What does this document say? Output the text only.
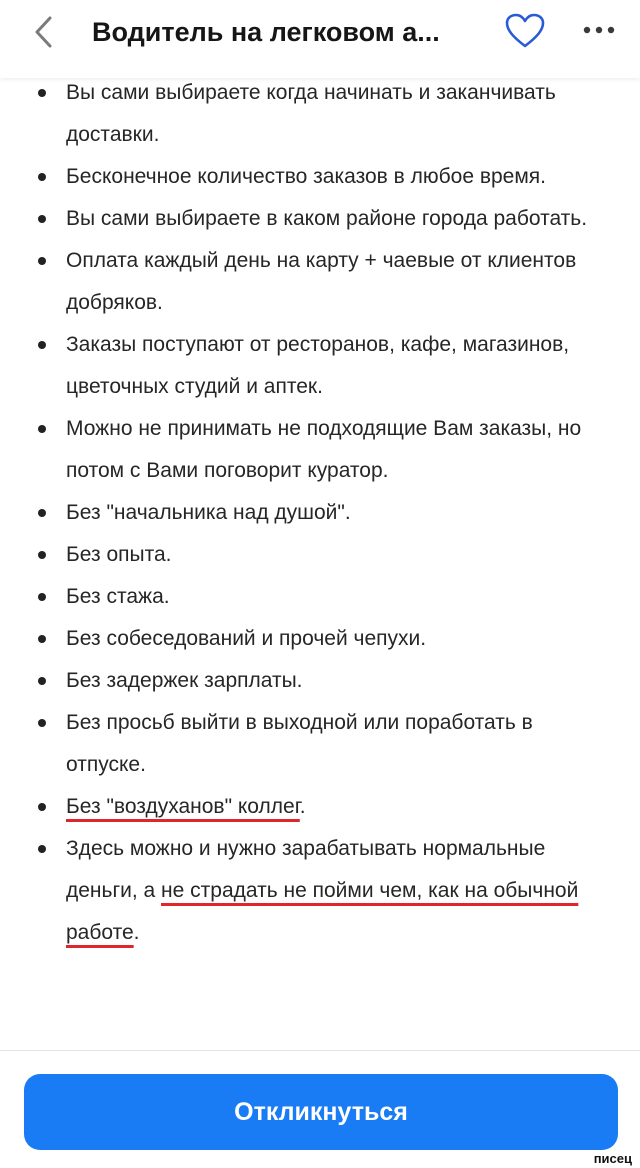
Водитель на легковом а...
Вы сами выбираете когда начинать и заканчивать доставки.
Бесконечное количество заказов в любое время.
Вы сами выбираете в каком районе города работать.
Оплата каждый день на карту + чаевые от клиентов добряков.
Заказы поступают от ресторанов, кафе, магазинов, цветочных студий и аптек.
Можно не принимать не подходящие Вам заказы, но потом с Вами поговорит куратор.
Без "начальника над душой".
Без опыта.
Без стажа.
Без собеседований и прочей чепухи.
Без задержек зарплаты.
Без просьб выйти в выходной или поработать в отпуске.
Без "воздуханов" коллег.
Здесь можно и нужно зарабатывать нормальные деньги, а не страдать не пойми чем, как на обычной работе.
Откликнуться
писец
